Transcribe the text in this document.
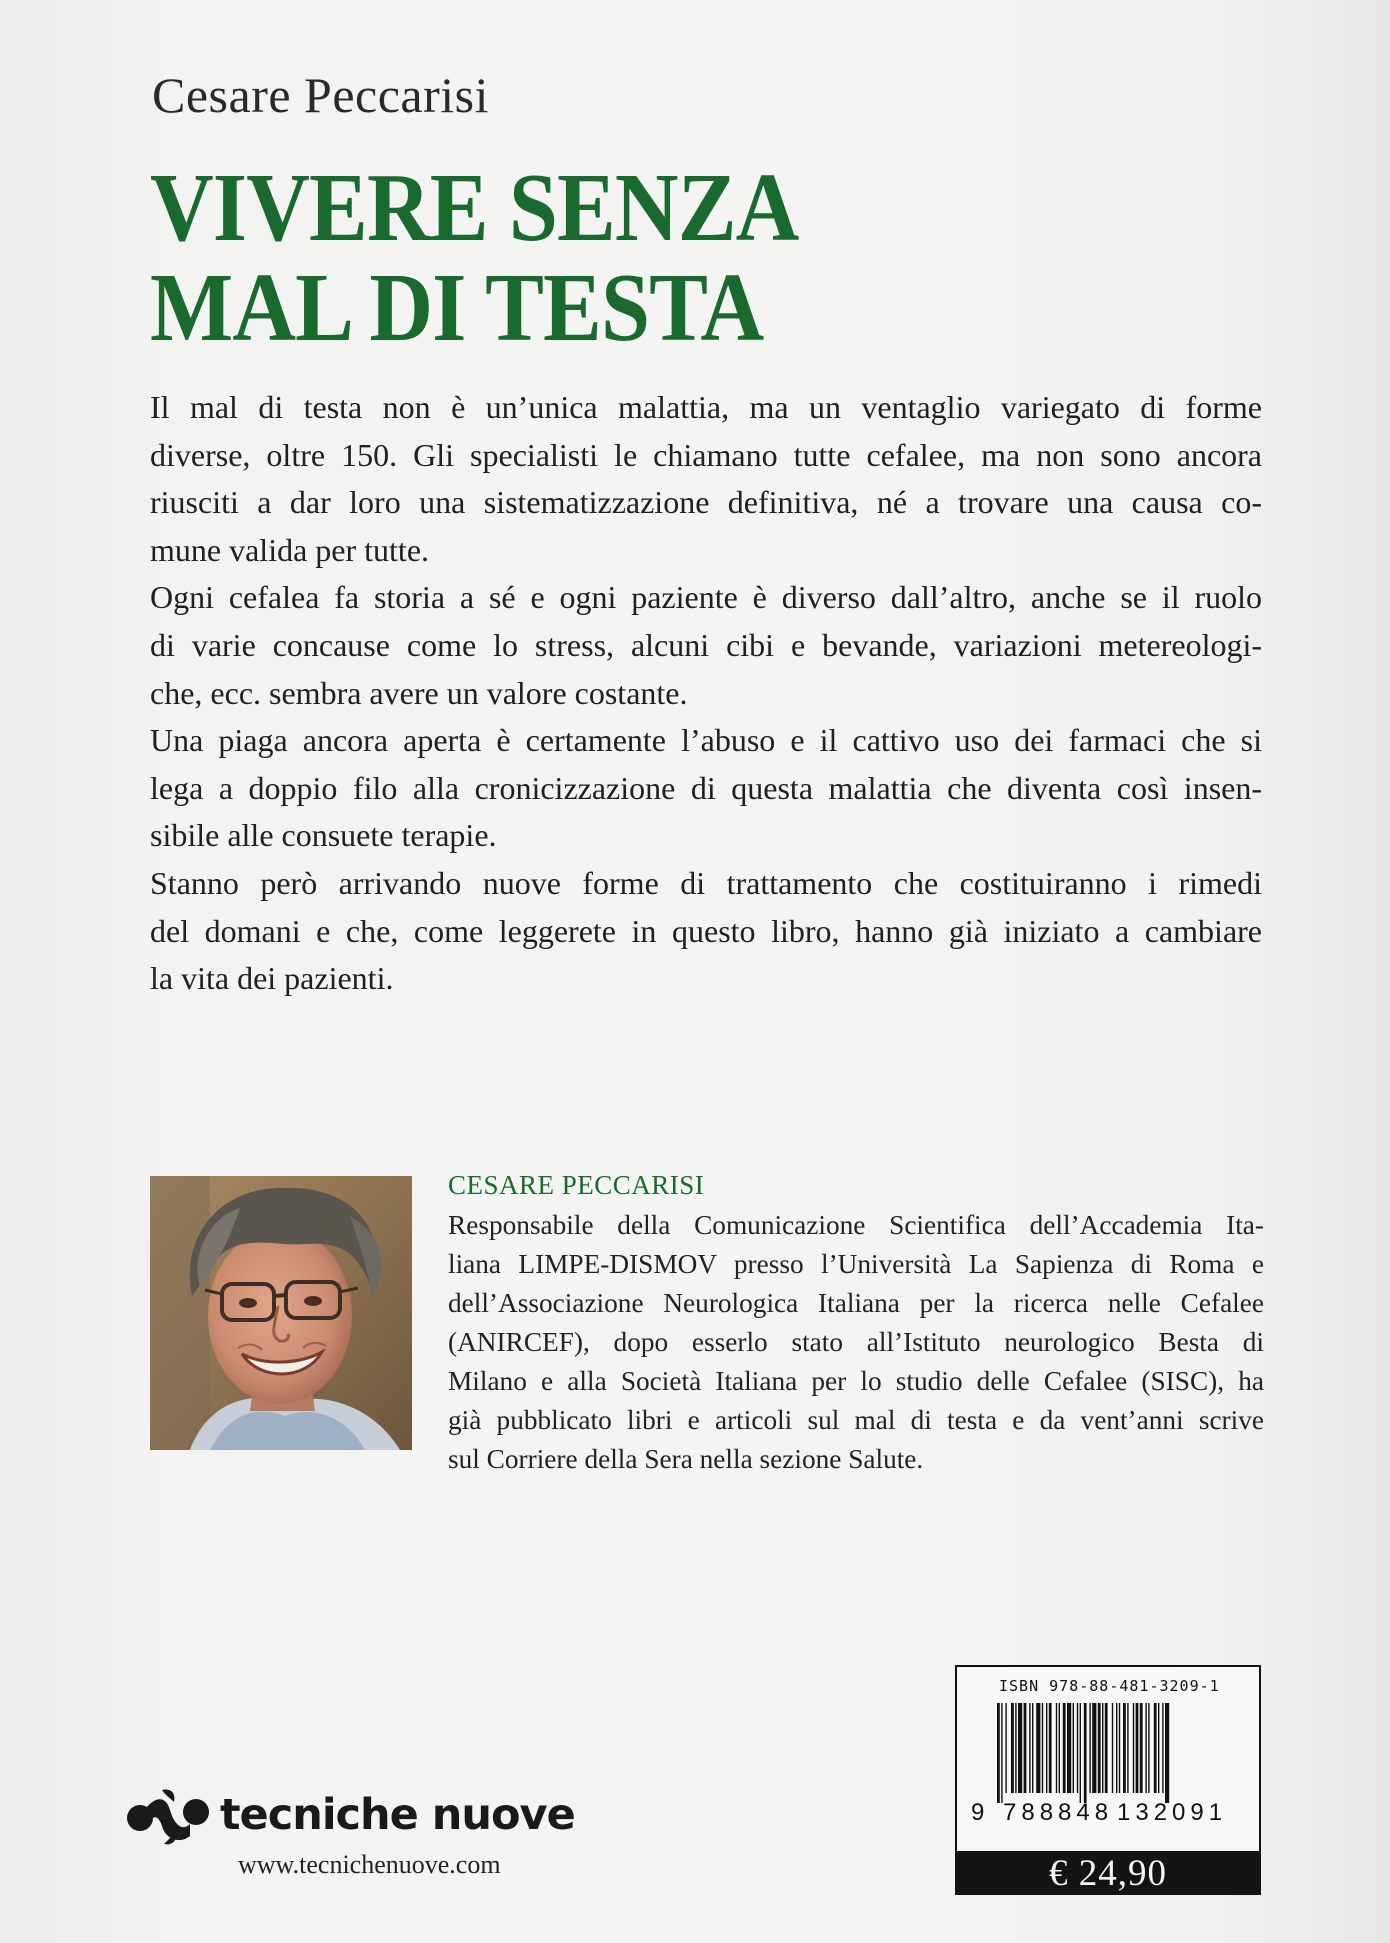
Cesare Peccarisi
VIVERE SENZA
MAL DI TESTA
Il mal di testa non è un’unica malattia, ma un ventaglio variegato di forme
diverse, oltre 150. Gli specialisti le chiamano tutte cefalee, ma non sono ancora
riusciti a dar loro una sistematizzazione definitiva, né a trovare una causa co-
mune valida per tutte.
Ogni cefalea fa storia a sé e ogni paziente è diverso dall’altro, anche se il ruolo
di varie concause come lo stress, alcuni cibi e bevande, variazioni metereologi-
che, ecc. sembra avere un valore costante.
Una piaga ancora aperta è certamente l’abuso e il cattivo uso dei farmaci che si
lega a doppio filo alla cronicizzazione di questa malattia che diventa così insen-
sibile alle consuete terapie.
Stanno però arrivando nuove forme di trattamento che costituiranno i rimedi
del domani e che, come leggerete in questo libro, hanno già iniziato a cambiare
la vita dei pazienti.
CESARE PECCARISI
Responsabile della Comunicazione Scientifica dell’Accademia Ita-
liana LIMPE-DISMOV presso l’Università La Sapienza di Roma e
dell’Associazione Neurologica Italiana per la ricerca nelle Cefalee
(ANIRCEF), dopo esserlo stato all’Istituto neurologico Besta di
Milano e alla Società Italiana per lo studio delle Cefalee (SISC), ha
già pubblicato libri e articoli sul mal di testa e da vent’anni scrive
sul Corriere della Sera nella sezione Salute.
tecniche nuove
www.tecnichenuove.com
ISBN 978-88-481-3209-1
9 788848 132091
€ 24,90
